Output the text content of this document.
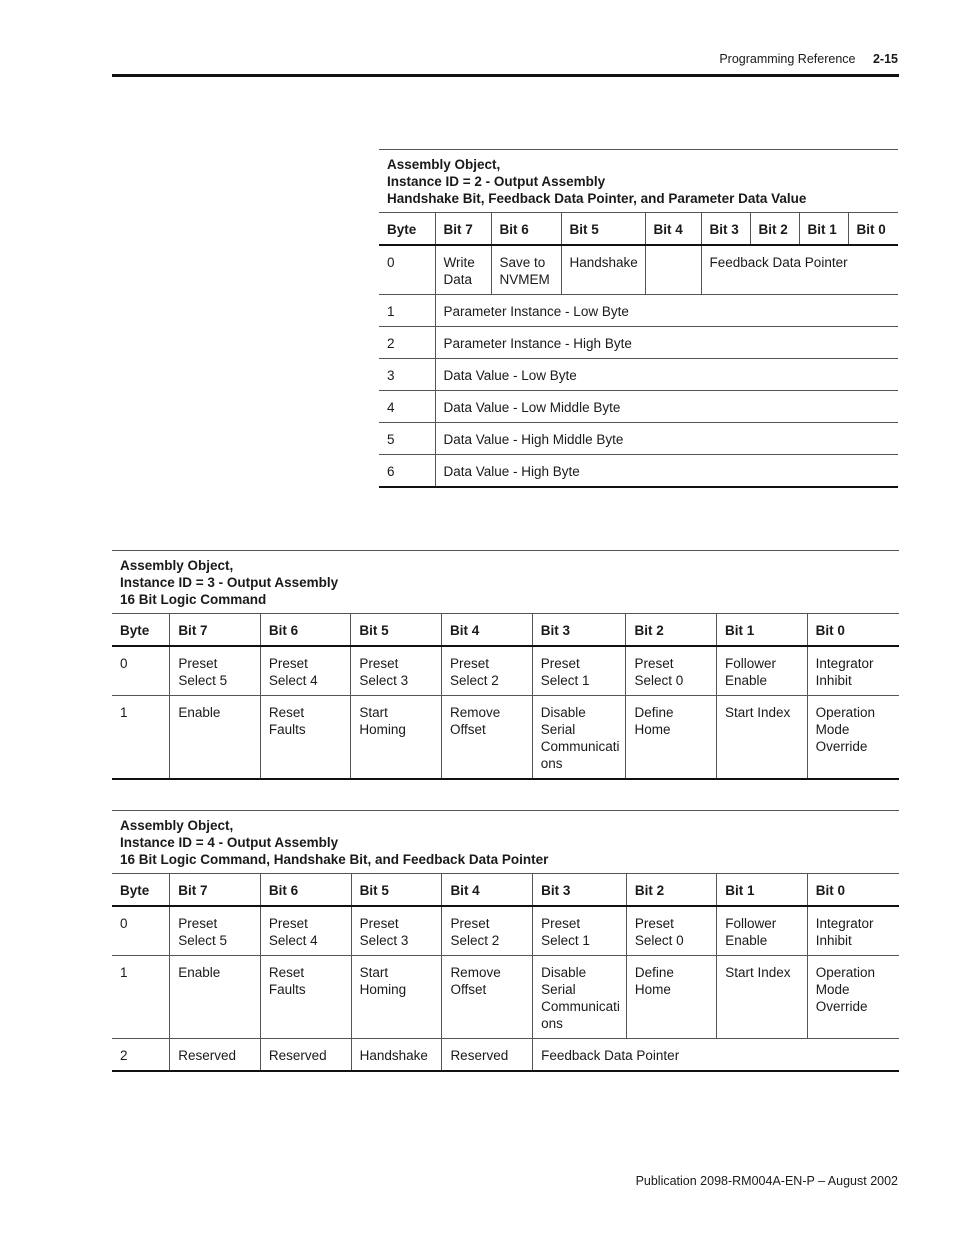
Programming Reference 2-15
Assembly Object,
Instance ID = 2 - Output Assembly
Handshake Bit, Feedback Data Pointer, and Parameter Data Value								

Byte	Bit 7	Bit 6	Bit 5	Bit 4	Bit 3	Bit 2	Bit 1	Bit 0
0	Write Data	Save to NVMEM	Handshake		Feedback Data Pointer			
1	Parameter Instance - Low Byte							
2	Parameter Instance - High Byte							
3	Data Value - Low Byte							
4	Data Value - Low Middle Byte							
5	Data Value - High Middle Byte							
6	Data Value - High Byte							
Assembly Object,
Instance ID = 3 - Output Assembly
16 Bit Logic Command								

Byte	Bit 7	Bit 6	Bit 5	Bit 4	Bit 3	Bit 2	Bit 1	Bit 0
0	Preset Select 5	Preset Select 4	Preset Select 3	Preset Select 2	Preset Select 1	Preset Select 0	Follower Enable	Integrator Inhibit
1	Enable	Reset Faults	Start Homing	Remove Offset	Disable Serial Communicati ons	Define Home	Start Index	Operation Mode Override
Assembly Object,
Instance ID = 4 - Output Assembly
16 Bit Logic Command, Handshake Bit, and Feedback Data Pointer								

Byte	Bit 7	Bit 6	Bit 5	Bit 4	Bit 3	Bit 2	Bit 1	Bit 0
0	Preset Select 5	Preset Select 4	Preset Select 3	Preset Select 2	Preset Select 1	Preset Select 0	Follower Enable	Integrator Inhibit
1	Enable	Reset Faults	Start Homing	Remove Offset	Disable Serial Communicati ons	Define Home	Start Index	Operation Mode Override
2	Reserved	Reserved	Handshake	Reserved	Feedback Data Pointer			
Publication 2098-RM004A-EN-P – August 2002
